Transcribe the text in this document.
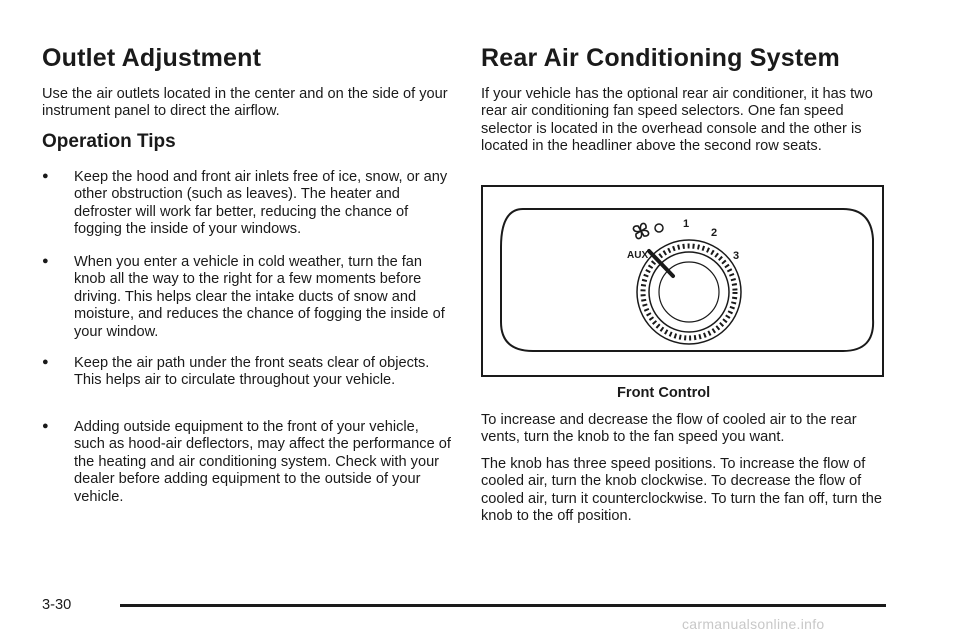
Outlet Adjustment

Use the air outlets located in the center and on the side of your instrument panel to direct the airflow.

Operation Tips
●	Keep the hood and front air inlets free of ice, snow, or any other obstruction (such as leaves). The heater and defroster will work far better, reducing the chance of fogging the inside of your windows.
●	When you enter a vehicle in cold weather, turn the fan knob all the way to the right for a few moments before driving. This helps clear the intake ducts of snow and moisture, and reduces the chance of fogging the inside of your window.
●	Keep the air path under the front seats clear of objects. This helps air to circulate throughout your vehicle.
●	Adding outside equipment to the front of your vehicle, such as hood-air deflectors, may affect the performance of the heating and air conditioning system. Check with your dealer before adding equipment to the outside of your vehicle.
Rear Air Conditioning System

If your vehicle has the optional rear air conditioner, it has two rear air conditioning fan speed selectors. One fan speed selector is located in the overhead console and the other is located in the headliner above the second row seats.

AUX
1
2
3
Front Control

To increase and decrease the flow of cooled air to the rear vents, turn the knob to the fan speed you want.

The knob has three speed positions. To increase the flow of cooled air, turn the knob clockwise. To decrease the flow of cooled air, turn it counterclockwise. To turn the fan off, turn the knob to the off position.

3-30
carmanualsonline.info
